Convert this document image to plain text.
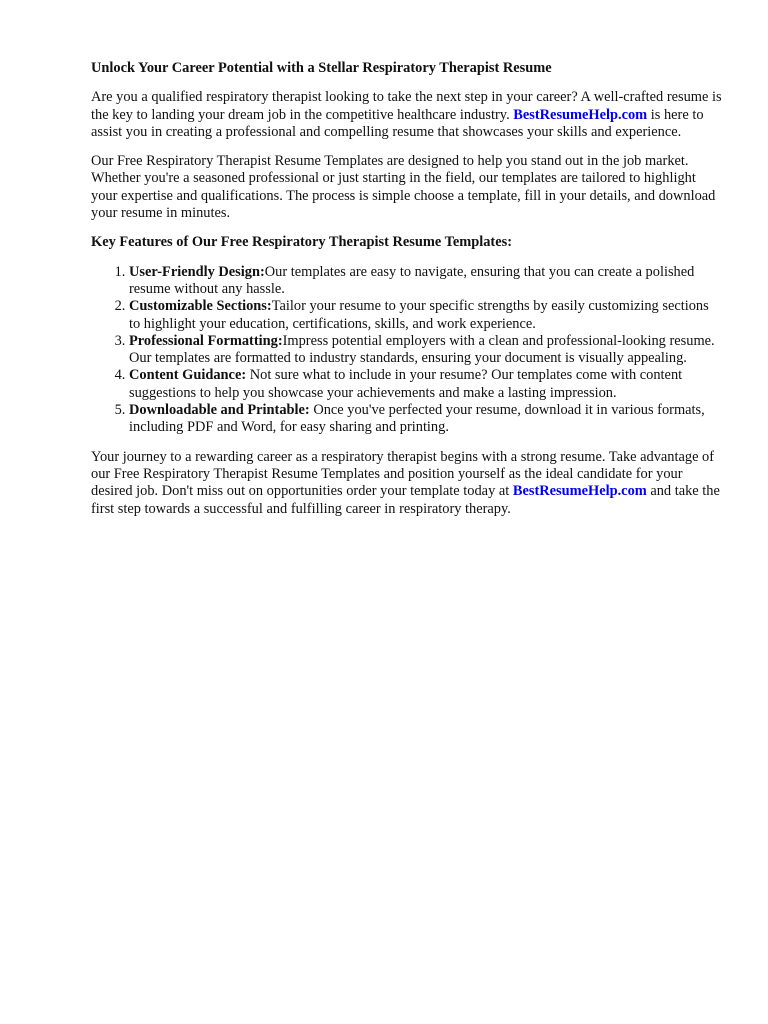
Unlock Your Career Potential with a Stellar Respiratory Therapist Resume

Are you a qualified respiratory therapist looking to take the next step in your career? A well-crafted resume is the key to landing your dream job in the competitive healthcare industry. BestResumeHelp.com is here to assist you in creating a professional and compelling resume that showcases your skills and experience.

Our Free Respiratory Therapist Resume Templates are designed to help you stand out in the job market. Whether you're a seasoned professional or just starting in the field, our templates are tailored to highlight your expertise and qualifications. The process is simple choose a template, fill in your details, and download your resume in minutes.

Key Features of Our Free Respiratory Therapist Resume Templates:
1. User-Friendly Design:Our templates are easy to navigate, ensuring that you can create a polished resume without any hassle.
2. Customizable Sections:Tailor your resume to your specific strengths by easily customizing sections to highlight your education, certifications, skills, and work experience.
3. Professional Formatting:Impress potential employers with a clean and professional-looking resume. Our templates are formatted to industry standards, ensuring your document is visually appealing.
4. Content Guidance: Not sure what to include in your resume? Our templates come with content suggestions to help you showcase your achievements and make a lasting impression.
5. Downloadable and Printable: Once you've perfected your resume, download it in various formats, including PDF and Word, for easy sharing and printing.

Your journey to a rewarding career as a respiratory therapist begins with a strong resume. Take advantage of our Free Respiratory Therapist Resume Templates and position yourself as the ideal candidate for your desired job. Don't miss out on opportunities order your template today at BestResumeHelp.com and take the first step towards a successful and fulfilling career in respiratory therapy.
